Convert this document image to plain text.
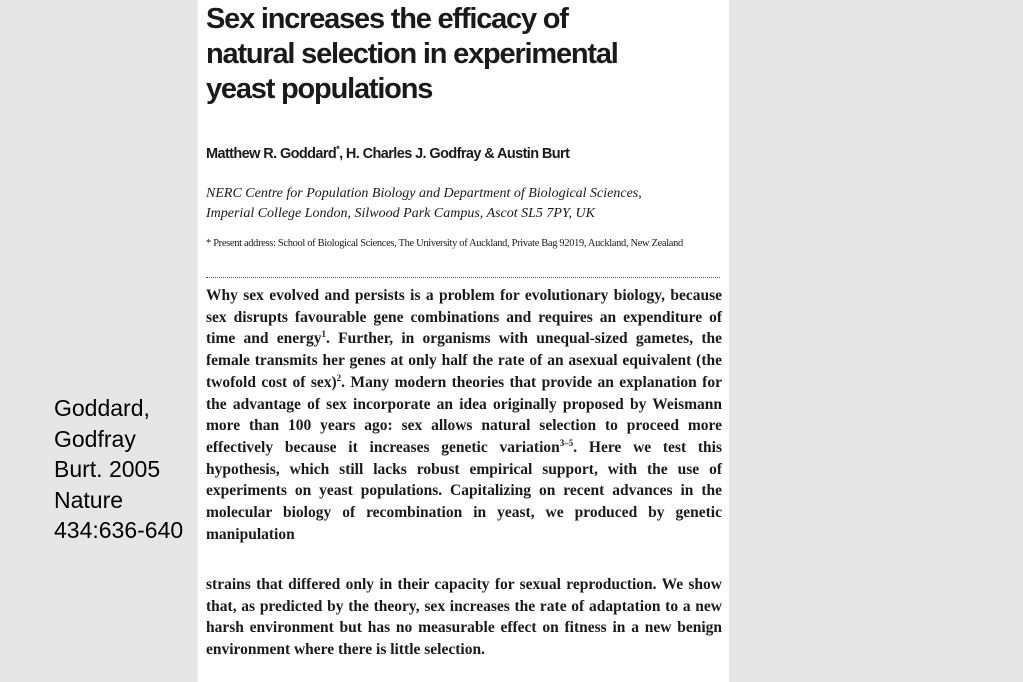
Goddard,
Godfray
Burt. 2005
Nature
434:636-640
Sex increases the efficacy of
natural selection in experimental
yeast populations
Matthew R. Goddard*, H. Charles J. Godfray & Austin Burt
NERC Centre for Population Biology and Department of Biological Sciences,
Imperial College London, Silwood Park Campus, Ascot SL5 7PY, UK
* Present address: School of Biological Sciences, The University of Auckland, Private Bag 92019, Auckland, New Zealand

Why sex evolved and persists is a problem for evolutionary biology, because sex disrupts favourable gene combinations and requires an expenditure of time and energy$^1$. Further, in organisms with unequal-sized gametes, the female transmits her genes at only half the rate of an asexual equivalent (the twofold cost of sex)$^2$. Many modern theories that provide an explanation for the advantage of sex incorporate an idea originally proposed by Weismann more than 100 years ago: sex allows natural selection to proceed more effectively because it increases genetic variation$^{3-5}$. Here we test this hypothesis, which still lacks robust empirical support, with the use of experiments on yeast populations. Capitalizing on recent advances in the molecular biology of recombination in yeast, we produced by genetic manipulation

strains that differed only in their capacity for sexual reproduction. We show that, as predicted by the theory, sex increases the rate of adaptation to a new harsh environment but has no measurable effect on fitness in a new benign environment where there is little selection.
